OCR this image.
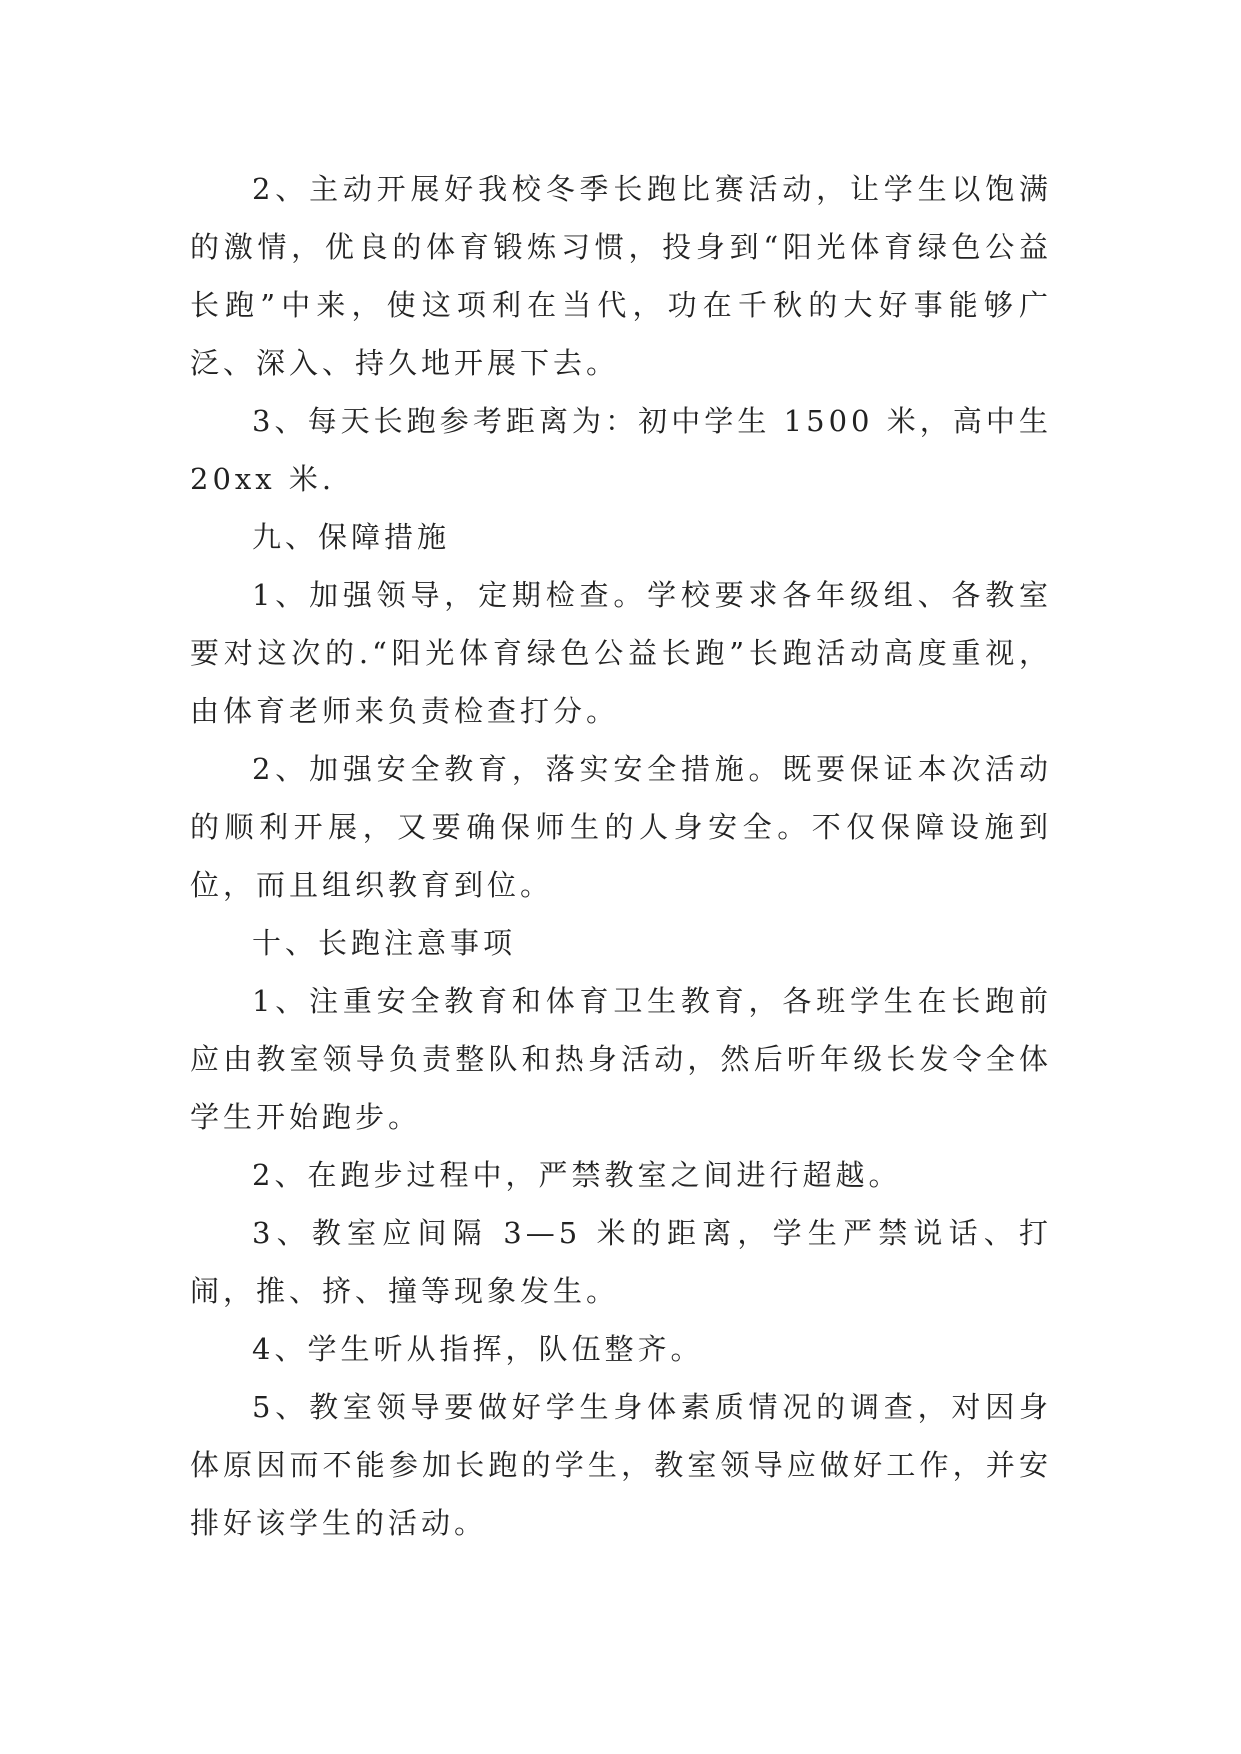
2、主动开展好我校冬季长跑比赛活动，让学生以饱满的激情，优良的体育锻炼习惯，投身到“阳光体育绿色公益长跑”中来，使这项利在当代，功在千秋的大好事能够广泛、深入、持久地开展下去。

3、每天长跑参考距离为：初中学生 1500 米，高中生 20xx 米.

九、保障措施

1、加强领导，定期检查。学校要求各年级组、各教室要对这次的.“阳光体育绿色公益长跑”长跑活动高度重视，由体育老师来负责检查打分。

2、加强安全教育，落实安全措施。既要保证本次活动的顺利开展，又要确保师生的人身安全。不仅保障设施到位，而且组织教育到位。

十、长跑注意事项

1、注重安全教育和体育卫生教育，各班学生在长跑前应由教室领导负责整队和热身活动，然后听年级长发令全体学生开始跑步。

2、在跑步过程中，严禁教室之间进行超越。

3、教室应间隔 3—5 米的距离，学生严禁说话、打闹，推、挤、撞等现象发生。

4、学生听从指挥，队伍整齐。

5、教室领导要做好学生身体素质情况的调查，对因身体原因而不能参加长跑的学生，教室领导应做好工作，并安排好该学生的活动。
